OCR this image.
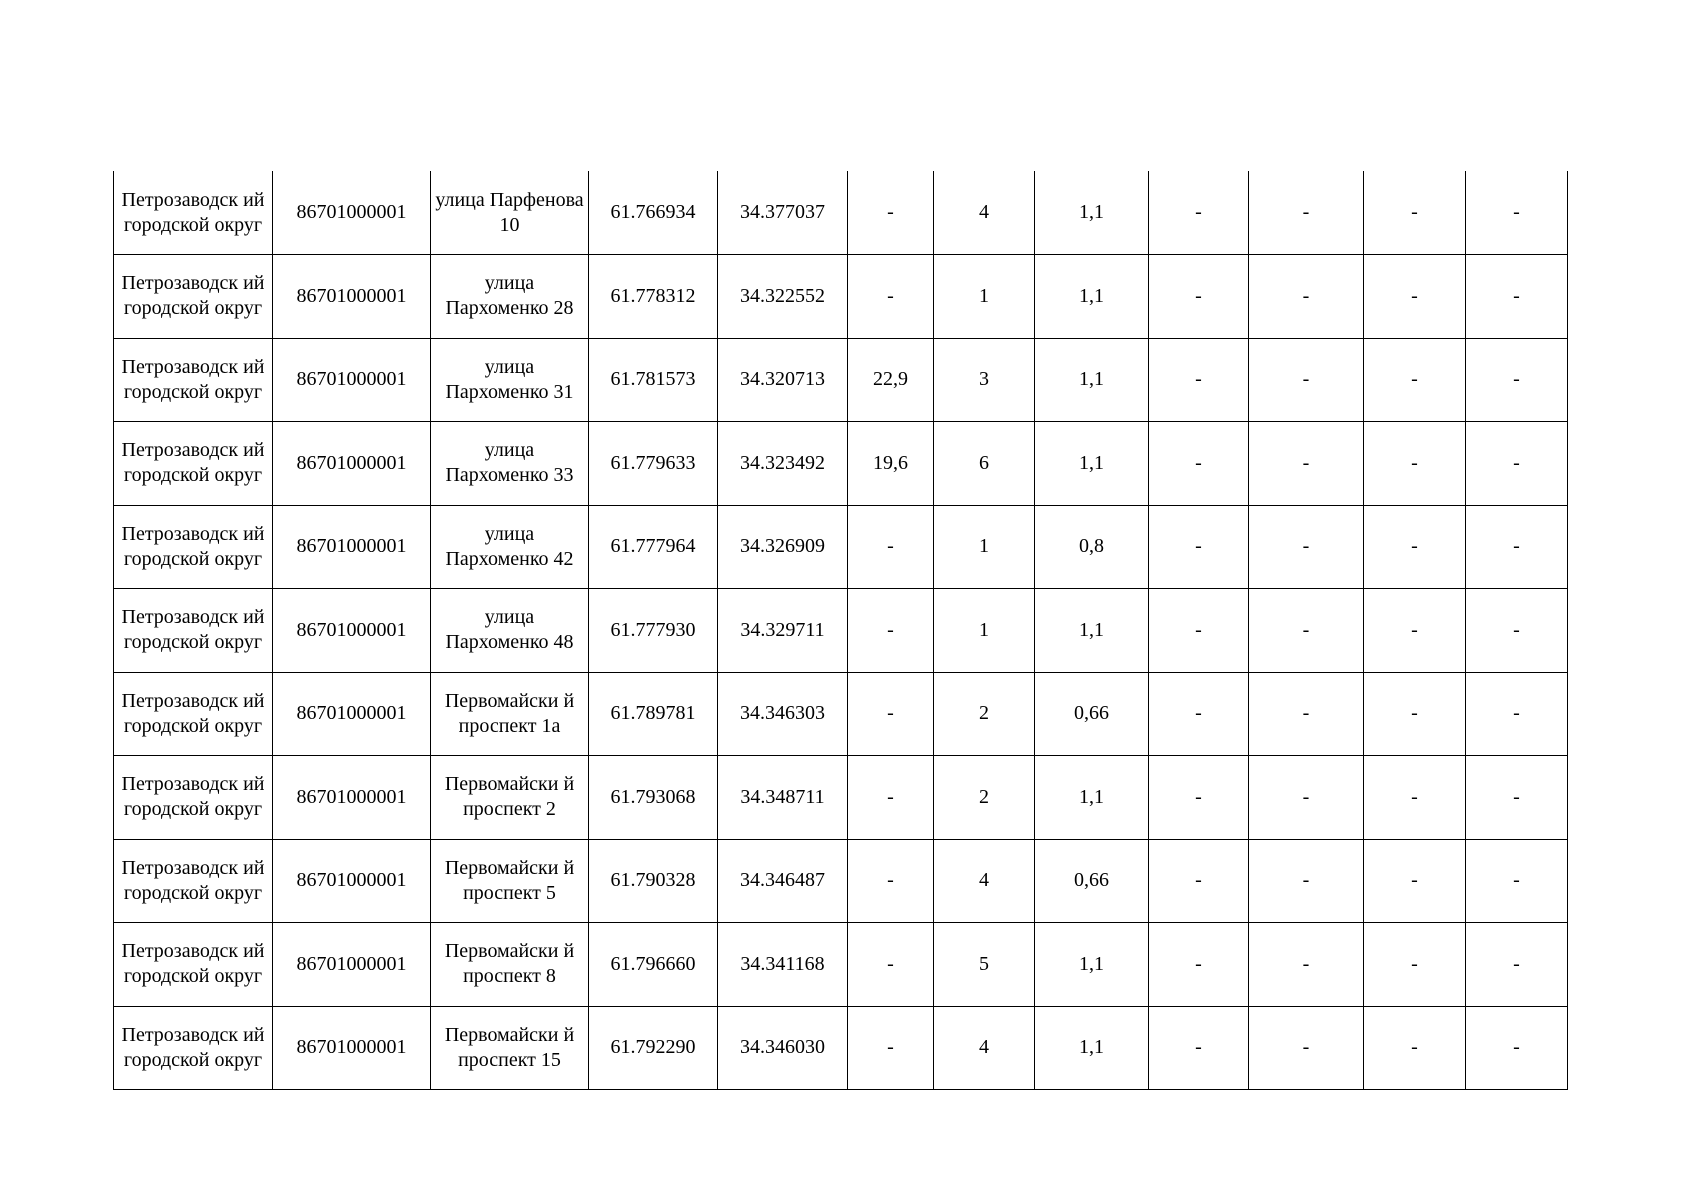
Петрозаводск ий городской округ	86701000001	улица Парфенова 10	61.766934	34.377037	-	4	1,1	-	-	-	-
Петрозаводск ий городской округ	86701000001	улица Пархоменко 28	61.778312	34.322552	-	1	1,1	-	-	-	-
Петрозаводск ий городской округ	86701000001	улица Пархоменко 31	61.781573	34.320713	22,9	3	1,1	-	-	-	-
Петрозаводск ий городской округ	86701000001	улица Пархоменко 33	61.779633	34.323492	19,6	6	1,1	-	-	-	-
Петрозаводск ий городской округ	86701000001	улица Пархоменко 42	61.777964	34.326909	-	1	0,8	-	-	-	-
Петрозаводск ий городской округ	86701000001	улица Пархоменко 48	61.777930	34.329711	-	1	1,1	-	-	-	-
Петрозаводск ий городской округ	86701000001	Первомайски й проспект 1а	61.789781	34.346303	-	2	0,66	-	-	-	-
Петрозаводск ий городской округ	86701000001	Первомайски й проспект 2	61.793068	34.348711	-	2	1,1	-	-	-	-
Петрозаводск ий городской округ	86701000001	Первомайски й проспект 5	61.790328	34.346487	-	4	0,66	-	-	-	-
Петрозаводск ий городской округ	86701000001	Первомайски й проспект 8	61.796660	34.341168	-	5	1,1	-	-	-	-
Петрозаводск ий городской округ	86701000001	Первомайски й проспект 15	61.792290	34.346030	-	4	1,1	-	-	-	-
